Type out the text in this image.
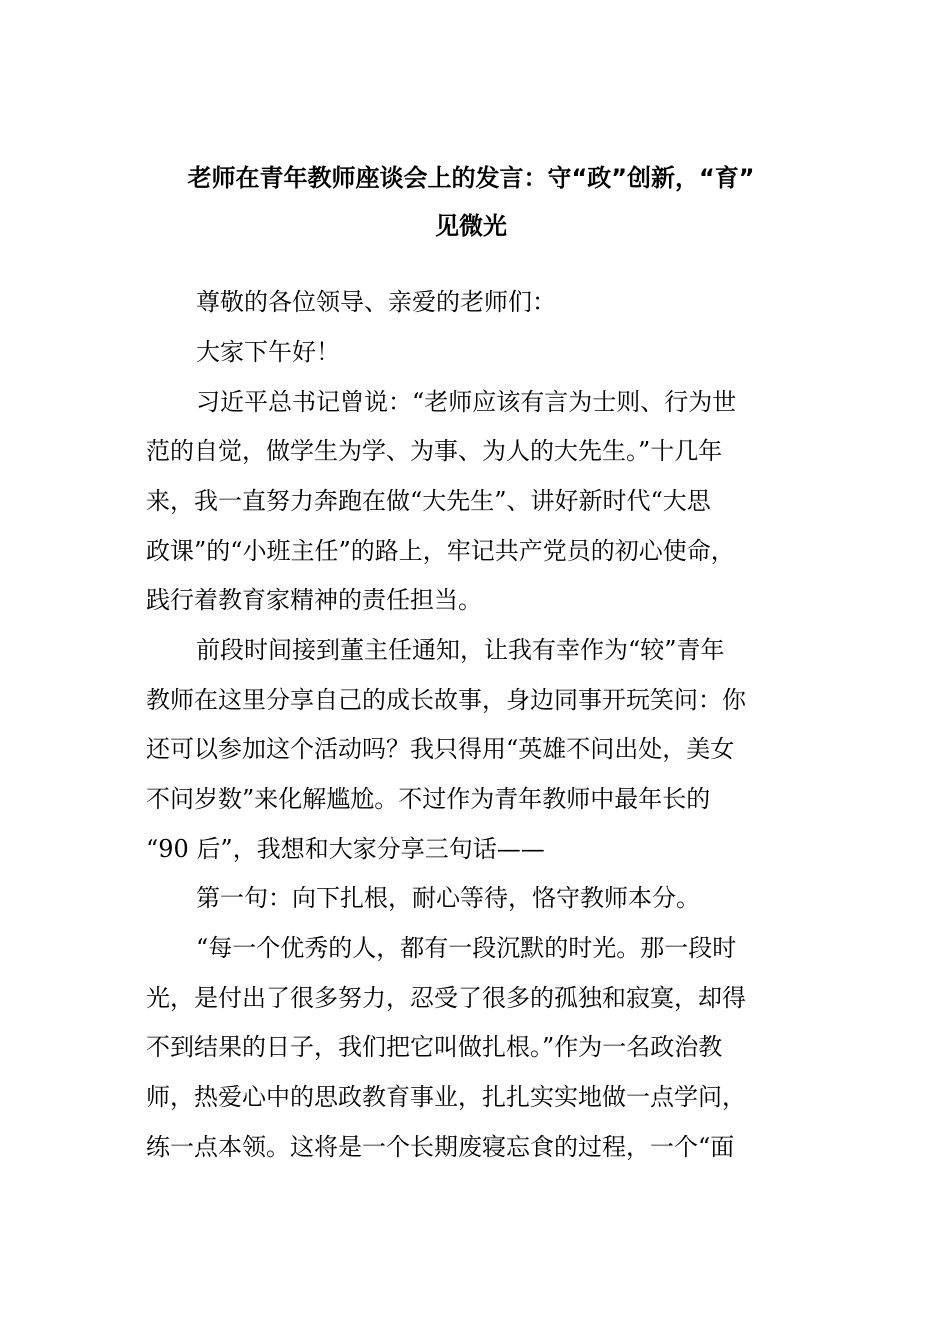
老师在青年教师座谈会上的发言：守“政”创新，“育”
见微光
尊敬的各位领导、亲爱的老师们：
大家下午好！
习近平总书记曾说：“老师应该有言为士则、行为世
范的自觉，做学生为学、为事、为人的大先生。”十几年
来，我一直努力奔跑在做“大先生”、讲好新时代“大思
政课”的“小班主任”的路上，牢记共产党员的初心使命，
践行着教育家精神的责任担当。
前段时间接到董主任通知，让我有幸作为“较”青年
教师在这里分享自己的成长故事，身边同事开玩笑问：你
还可以参加这个活动吗？我只得用“英雄不问出处，美女
不问岁数”来化解尴尬。不过作为青年教师中最年长的
“90 后”，我想和大家分享三句话——
第一句：向下扎根，耐心等待，恪守教师本分。
“每一个优秀的人，都有一段沉默的时光。那一段时
光，是付出了很多努力，忍受了很多的孤独和寂寞，却得
不到结果的日子，我们把它叫做扎根。”作为一名政治教
师，热爱心中的思政教育事业，扎扎实实地做一点学问，
练一点本领。这将是一个长期废寝忘食的过程，一个“面
